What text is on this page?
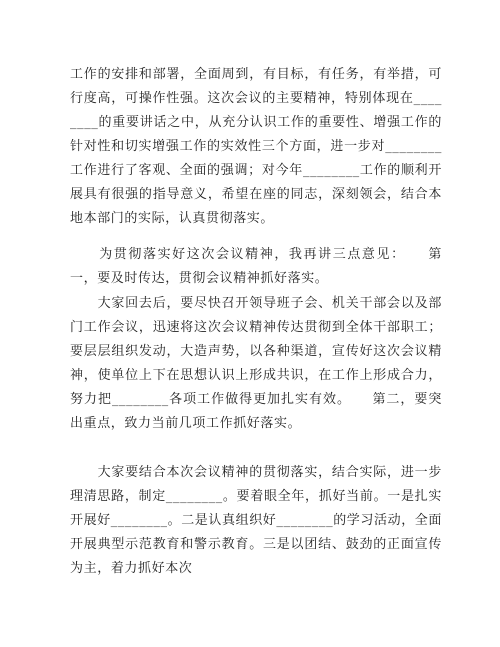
工作的安排和部署，全面周到，有目标，有任务，有举措，可行度高，可操作性强。这次会议的主要精神，特别体现在________的重要讲话之中，从充分认识工作的重要性、增强工作的针对性和切实增强工作的实效性三个方面，进一步对________工作进行了客观、全面的强调；对今年________工作的顺利开展具有很强的指导意义，希望在座的同志，深刻领会，结合本地本部门的实际，认真贯彻落实。

　　为贯彻落实好这次会议精神，我再讲三点意见：　　第一，要及时传达，贯彻会议精神抓好落实。

　　大家回去后，要尽快召开领导班子会、机关干部会以及部门工作会议，迅速将这次会议精神传达贯彻到全体干部职工；要层层组织发动，大造声势，以各种渠道，宣传好这次会议精神，使单位上下在思想认识上形成共识，在工作上形成合力，努力把________各项工作做得更加扎实有效。　　第二，要突出重点，致力当前几项工作抓好落实。

　　大家要结合本次会议精神的贯彻落实，结合实际，进一步理清思路，制定________。要着眼全年，抓好当前。一是扎实开展好________。二是认真组织好________的学习活动，全面开展典型示范教育和警示教育。三是以团结、鼓劲的正面宣传为主，着力抓好本次
